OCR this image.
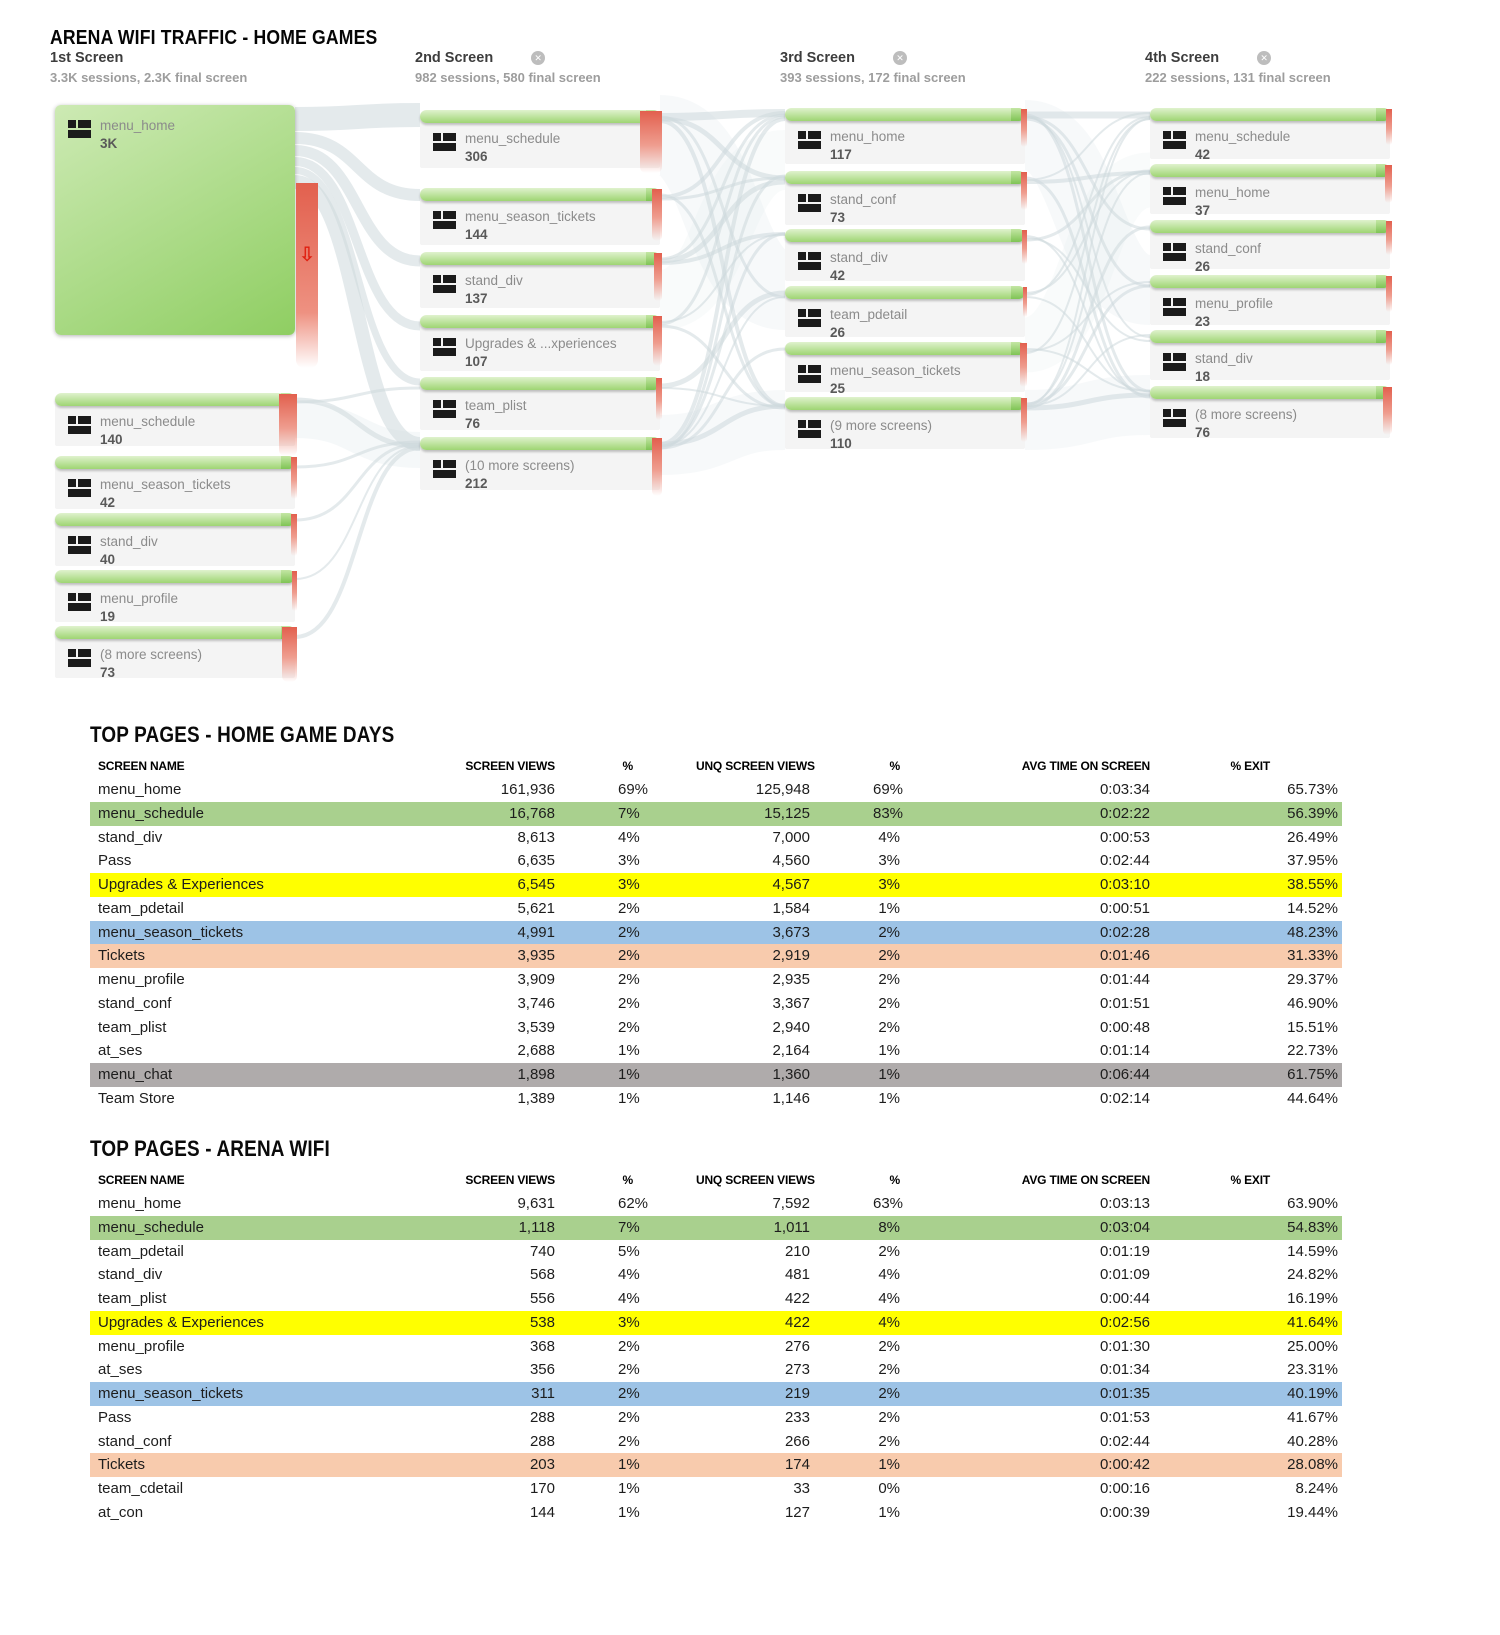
ARENA WIFI TRAFFIC - HOME GAMES
⇩
1st Screen
3.3K sessions, 2.3K final screen
menu_home
3K
menu_schedule
140
menu_season_tickets
42
stand_div
40
menu_profile
19
(8 more screens)
73
2nd Screen	✕
982 sessions, 580 final screen
menu_schedule
306
menu_season_tickets
144
stand_div
137
Upgrades & ...xperiences
107
team_plist
76
(10 more screens)
212
3rd Screen	✕
393 sessions, 172 final screen
menu_home
117
stand_conf
73
stand_div
42
team_pdetail
26
menu_season_tickets
25
(9 more screens)
110
4th Screen	✕
222 sessions, 131 final screen
menu_schedule
42
menu_home
37
stand_conf
26
menu_profile
23
stand_div
18
(8 more screens)
76
TOP PAGES - HOME GAME DAYS
SCREEN NAME	SCREEN VIEWS	%	UNQ SCREEN VIEWS	%	AVG TIME ON SCREEN	% EXIT
menu_home	161,936	69%	125,948	69%	0:03:34	65.73%
menu_schedule	16,768	7%	15,125	83%	0:02:22	56.39%
stand_div	8,613	4%	7,000	4%	0:00:53	26.49%
Pass	6,635	3%	4,560	3%	0:02:44	37.95%
Upgrades & Experiences	6,545	3%	4,567	3%	0:03:10	38.55%
team_pdetail	5,621	2%	1,584	1%	0:00:51	14.52%
menu_season_tickets	4,991	2%	3,673	2%	0:02:28	48.23%
Tickets	3,935	2%	2,919	2%	0:01:46	31.33%
menu_profile	3,909	2%	2,935	2%	0:01:44	29.37%
stand_conf	3,746	2%	3,367	2%	0:01:51	46.90%
team_plist	3,539	2%	2,940	2%	0:00:48	15.51%
at_ses	2,688	1%	2,164	1%	0:01:14	22.73%
menu_chat	1,898	1%	1,360	1%	0:06:44	61.75%
Team Store	1,389	1%	1,146	1%	0:02:14	44.64%
TOP PAGES - ARENA WIFI
SCREEN NAME	SCREEN VIEWS	%	UNQ SCREEN VIEWS	%	AVG TIME ON SCREEN	% EXIT
menu_home	9,631	62%	7,592	63%	0:03:13	63.90%
menu_schedule	1,118	7%	1,011	8%	0:03:04	54.83%
team_pdetail	740	5%	210	2%	0:01:19	14.59%
stand_div	568	4%	481	4%	0:01:09	24.82%
team_plist	556	4%	422	4%	0:00:44	16.19%
Upgrades & Experiences	538	3%	422	4%	0:02:56	41.64%
menu_profile	368	2%	276	2%	0:01:30	25.00%
at_ses	356	2%	273	2%	0:01:34	23.31%
menu_season_tickets	311	2%	219	2%	0:01:35	40.19%
Pass	288	2%	233	2%	0:01:53	41.67%
stand_conf	288	2%	266	2%	0:02:44	40.28%
Tickets	203	1%	174	1%	0:00:42	28.08%
team_cdetail	170	1%	33	0%	0:00:16	8.24%
at_con	144	1%	127	1%	0:00:39	19.44%
